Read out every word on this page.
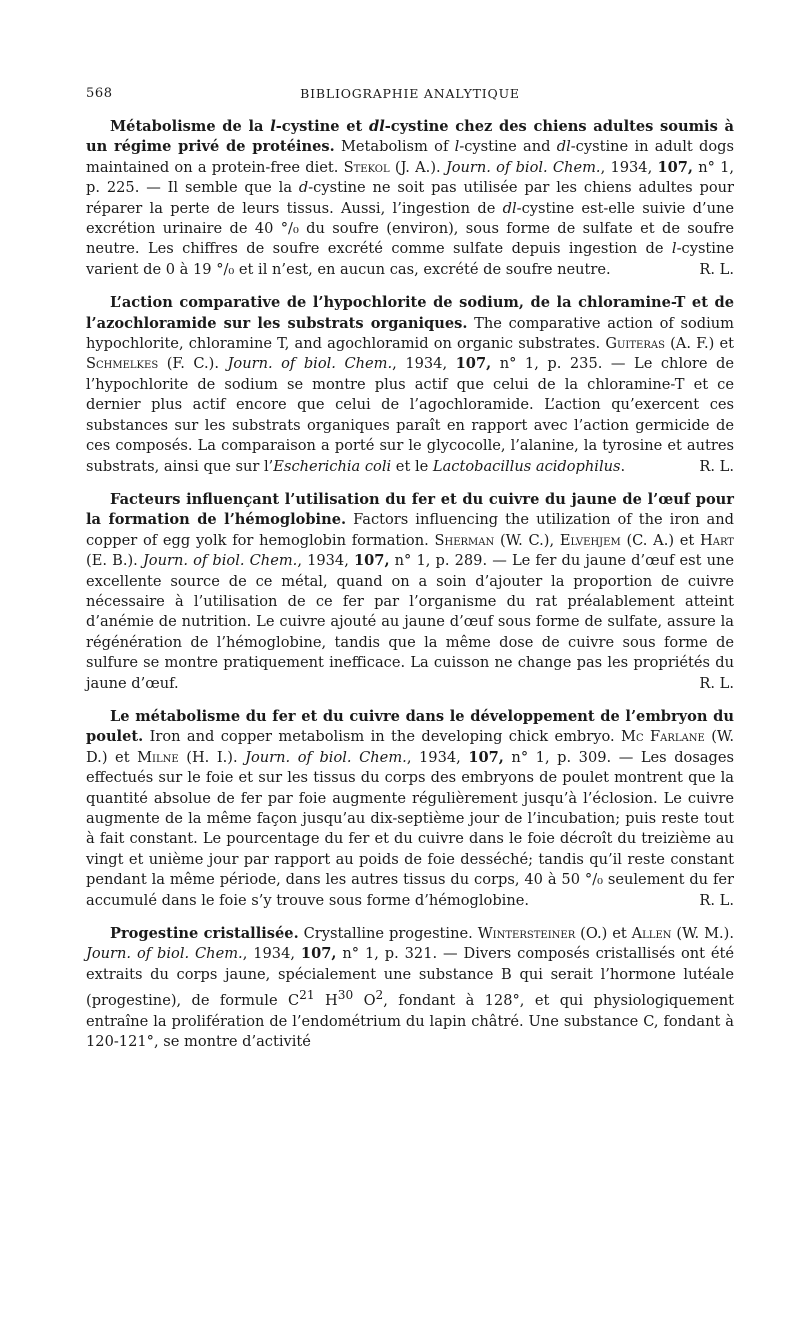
568	BIBLIOGRAPHIE ANALYTIQUE

Métabolisme de la l-cystine et dl-cystine chez des chiens adultes soumis à un régime privé de protéines. Metabolism of l-cystine and dl-cystine in adult dogs maintained on a protein-free diet. Stekol (J. A.). Journ. of biol. Chem., 1934, 107, n° 1, p. 225. — Il semble que la d-cystine ne soit pas utilisée par les chiens adultes pour réparer la perte de leurs tissus. Aussi, l’ingestion de dl-cystine est-elle suivie d’une excrétion urinaire de 40 °/₀ du soufre (environ), sous forme de sulfate et de soufre neutre. Les chiffres de soufre excrété comme sulfate depuis ingestion de l-cystine varient de 0 à 19 °/₀ et il n’est, en aucun cas, excrété de soufre neutre.	R. L.

L’action comparative de l’hypochlorite de sodium, de la chloramine-T et de l’azochloramide sur les substrats organiques. The comparative action of sodium hypochlorite, chloramine T, and agochloramid on organic substrates. Guiteras (A. F.) et Schmelkes (F. C.). Journ. of biol. Chem., 1934, 107, n° 1, p. 235. — Le chlore de l’hypochlorite de sodium se montre plus actif que celui de la chloramine-T et ce dernier plus actif encore que celui de l’agochloramide. L’action qu’exercent ces substances sur les substrats organiques paraît en rapport avec l’action germicide de ces composés. La comparaison a porté sur le glycocolle, l’alanine, la tyrosine et autres substrats, ainsi que sur l’Escherichia coli et le Lactobacillus acidophilus.	R. L.

Facteurs influençant l’utilisation du fer et du cuivre du jaune de l’œuf pour la formation de l’hémoglobine. Factors influencing the utilization of the iron and copper of egg yolk for hemoglobin formation. Sherman (W. C.), Elvehjem (C. A.) et Hart (E. B.). Journ. of biol. Chem., 1934, 107, n° 1, p. 289. — Le fer du jaune d’œuf est une excellente source de ce métal, quand on a soin d’ajouter la proportion de cuivre nécessaire à l’utilisation de ce fer par l’organisme du rat préalablement atteint d’anémie de nutrition. Le cuivre ajouté au jaune d’œuf sous forme de sulfate, assure la régénération de l’hémoglobine, tandis que la même dose de cuivre sous forme de sulfure se montre pratiquement inefficace. La cuisson ne change pas les propriétés du jaune d’œuf.	R. L.

Le métabolisme du fer et du cuivre dans le développement de l’embryon du poulet. Iron and copper metabolism in the developing chick embryo. Mc Farlane (W. D.) et Milne (H. I.). Journ. of biol. Chem., 1934, 107, n° 1, p. 309. — Les dosages effectués sur le foie et sur les tissus du corps des embryons de poulet montrent que la quantité absolue de fer par foie augmente régulièrement jusqu’à l’éclosion. Le cuivre augmente de la même façon jusqu’au dix-septième jour de l’incubation; puis reste tout à fait constant. Le pourcentage du fer et du cuivre dans le foie décroît du treizième au vingt et unième jour par rapport au poids de foie desséché; tandis qu’il reste constant pendant la même période, dans les autres tissus du corps, 40 à 50 °/₀ seulement du fer accumulé dans le foie s’y trouve sous forme d’hémoglobine.	R. L.

Progestine cristallisée. Crystalline progestine. Wintersteiner (O.) et Allen (W. M.). Journ. of biol. Chem., 1934, 107, n° 1, p. 321. — Divers composés cristallisés ont été extraits du corps jaune, spécialement une substance B qui serait l’hormone lutéale (progestine), de formule $C^{21}$ $H^{30}$ $O^2$, fondant à 128°, et qui physiologiquement entraîne la prolifération de l’endométrium du lapin châtré. Une substance C, fondant à 120-121°, se montre d’activité
